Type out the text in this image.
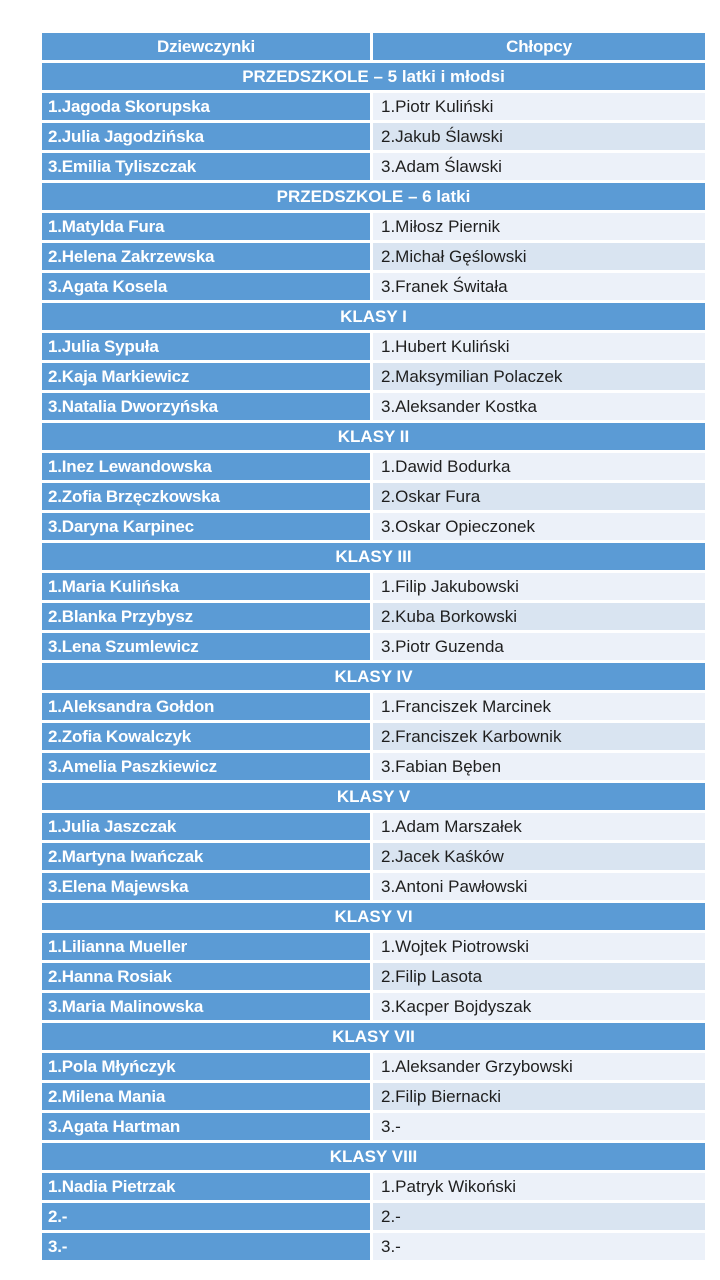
Dziewczynki	Chłopcy
PRZEDSZKOLE – 5 latki i młodsi
1.Jagoda Skorupska	1.Piotr Kuliński
2.Julia Jagodzińska	2.Jakub Ślawski
3.Emilia Tyliszczak	3.Adam Ślawski
PRZEDSZKOLE – 6 latki
1.Matylda Fura	1.Miłosz Piernik
2.Helena Zakrzewska	2.Michał Gęślowski
3.Agata Kosela	3.Franek Świtała
KLASY I
1.Julia Sypuła	1.Hubert Kuliński
2.Kaja Markiewicz	2.Maksymilian Polaczek
3.Natalia Dworzyńska	3.Aleksander Kostka
KLASY II
1.Inez Lewandowska	1.Dawid Bodurka
2.Zofia Brzęczkowska	2.Oskar Fura
3.Daryna Karpinec	3.Oskar Opieczonek
KLASY III
1.Maria Kulińska	1.Filip Jakubowski
2.Blanka Przybysz	2.Kuba Borkowski
3.Lena Szumlewicz	3.Piotr Guzenda
KLASY IV
1.Aleksandra Gołdon	1.Franciszek Marcinek
2.Zofia Kowalczyk	2.Franciszek Karbownik
3.Amelia Paszkiewicz	3.Fabian Bęben
KLASY V
1.Julia Jaszczak	1.Adam Marszałek
2.Martyna Iwańczak	2.Jacek Kaśków
3.Elena Majewska	3.Antoni Pawłowski
KLASY VI
1.Lilianna Mueller	1.Wojtek Piotrowski
2.Hanna Rosiak	2.Filip Lasota
3.Maria Malinowska	3.Kacper Bojdyszak
KLASY VII
1.Pola Młyńczyk	1.Aleksander Grzybowski
2.Milena Mania	2.Filip Biernacki
3.Agata Hartman	3.-
KLASY VIII
1.Nadia Pietrzak	1.Patryk Wikoński
2.-	2.-
3.-	3.-
